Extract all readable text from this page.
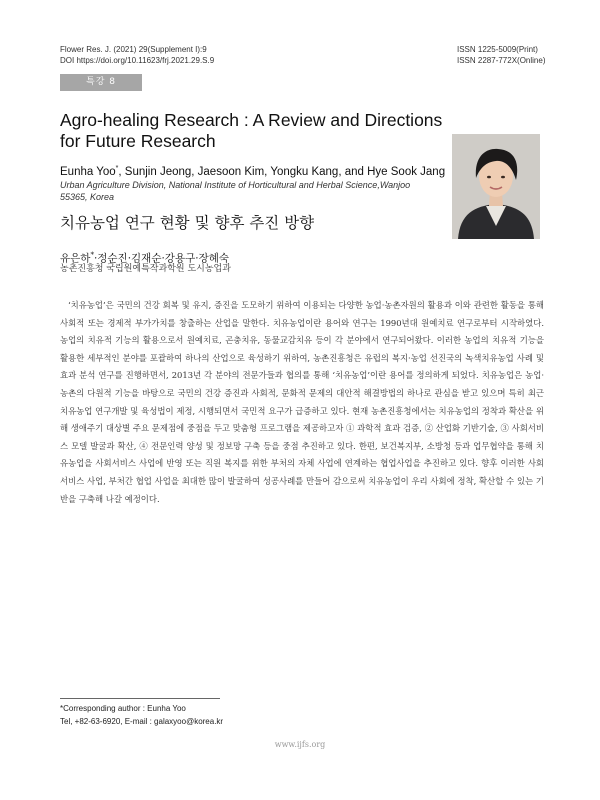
Flower Res. J. (2021) 29(Supplement I):9
DOI https://doi.org/10.11623/frj.2021.29.S.9
ISSN 1225-5009(Print)
ISSN 2287-772X(Online)
특강 8
Agro-healing Research : A Review and Directions for Future Research
Eunha Yoo*, Sunjin Jeong, Jaesoon Kim, Yongku Kang, and Hye Sook Jang
Urban Agriculture Division, National Institute of Horticultural and Herbal Science,Wanjoo 55365, Korea
치유농업 연구 현황 및 향후 추진 방향
유은하*·정순진·김재순·강용구·장혜숙
농촌진흥청 국립원예특작과학원 도시농업과
‘치유농업’은 국민의 건강 회복 및 유지, 증진을 도모하기 위하여 이용되는 다양한 농업·농촌자원의 활용과 이와 관련한 활동을 통해 사회적 또는 경제적 부가가치를 창출하는 산업을 말한다. 치유농업이란 용어와 연구는 1990년대 원예치료 연구로부터 시작하였다. 농업의 치유적 기능의 활용으로서 원예치료, 곤충치유, 동물교감치유 등이 각 분야에서 연구되어왔다. 이러한 농업의 치유적 기능을 활용한 세부적인 분야를 포괄하여 하나의 산업으로 육성하기 위하여, 농촌진흥청은 유럽의 복지·농업 선진국의 녹색치유농업 사례 및 효과 분석 연구를 진행하면서, 2013년 각 분야의 전문가들과 협의를 통해 ‘치유농업’이란 용어를 정의하게 되었다. 치유농업은 농업·농촌의 다원적 기능을 바탕으로 국민의 건강 증진과 사회적, 문화적 문제의 대안적 해결방법의 하나로 관심을 받고 있으며 특히 최근 치유농업 연구개발 및 육성법이 제정, 시행되면서 국민적 요구가 급증하고 있다. 현재 농촌진흥청에서는 치유농업의 정착과 확산을 위해 생애주기 대상별 주요 문제점에 중점을 두고 맞춤형 프로그램을 제공하고자 ① 과학적 효과 검증, ② 산업화 기반기술, ③ 사회서비스 모델 발굴과 확산, ④ 전문인력 양성 및 정보망 구축 등을 중점 추진하고 있다. 한편, 보건복지부, 소방청 등과 업무협약을 통해 치유농업을 사회서비스 사업에 반영 또는 직원 복지를 위한 부처의 자체 사업에 연계하는 협업사업을 추진하고 있다. 향후 이러한 사회서비스 사업, 부처간 협업 사업을 최대한 많이 발굴하여 성공사례를 만들어 감으로써 치유농업이 우리 사회에 정착, 확산할 수 있는 기반을 구축해 나갈 예정이다.
*Corresponding author : Eunha Yoo
Tel, +82-63-6920, E-mail : galaxyoo@korea.kr
www.ijfs.org
